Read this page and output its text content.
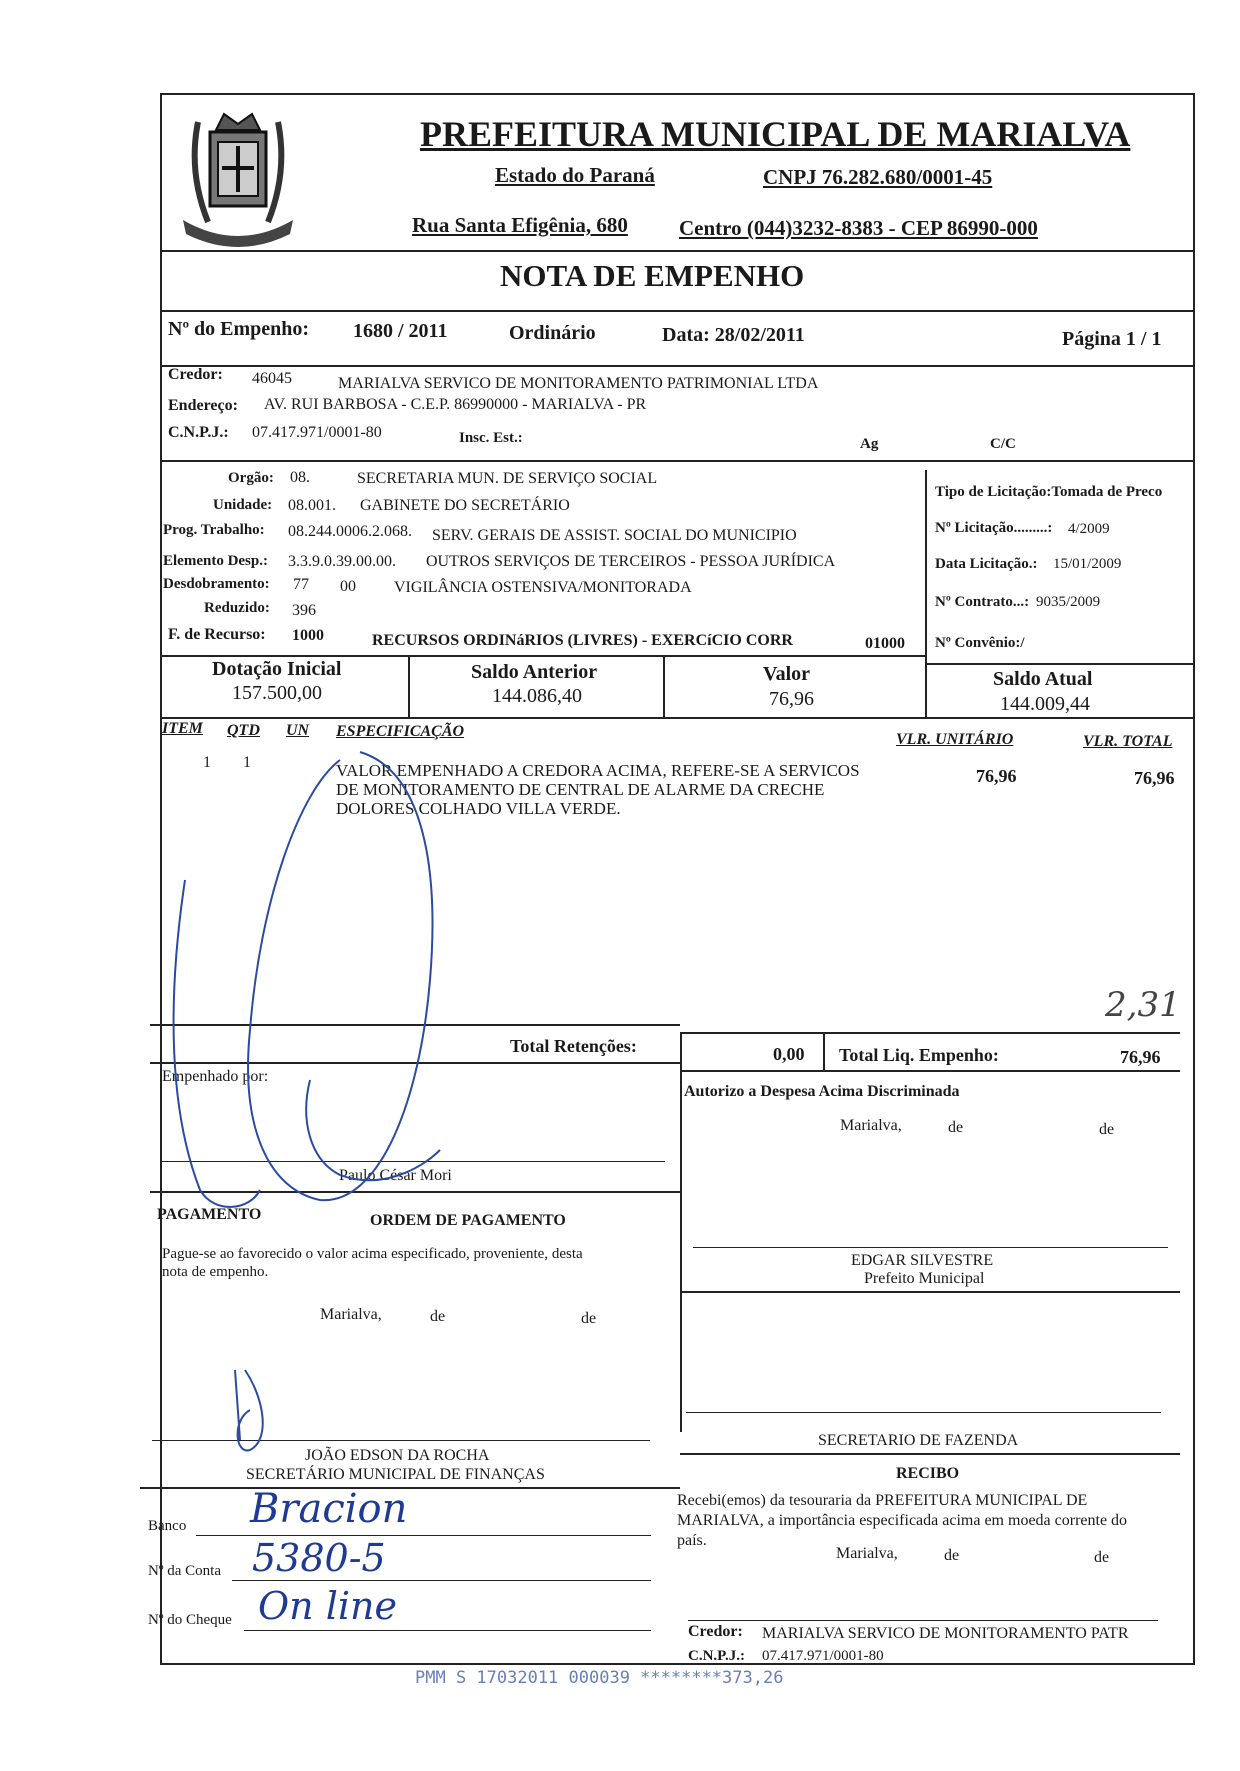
PREFEITURA MUNICIPAL DE MARIALVA
Estado do Paraná	CNPJ 76.282.680/0001-45
Rua Santa Efigênia, 680 Centro (044)3232-8383 - CEP 86990-000
NOTA DE EMPENHO
Nº do Empenho: 1680 / 2011	Ordinário	Data: 28/02/2011	Página 1 / 1
Credor: 46045	MARIALVA SERVICO DE MONITORAMENTO PATRIMONIAL LTDA
Endereço: AV. RUI BARBOSA - C.E.P. 86990000 - MARIALVA - PR
C.N.P.J.: 07.417.971/0001-80	Insc. Est.:	Ag	C/C
Orgão: 08.	SECRETARIA MUN. DE SERVIÇO SOCIAL
Unidade: 08.001. GABINETE DO SECRETÁRIO
Prog. Trabalho: 08.244.0006.2.068. SERV. GERAIS DE ASSIST. SOCIAL DO MUNICIPIO
Elemento Desp.: 3.3.9.0.39.00.00. OUTROS SERVIÇOS DE TERCEIROS - PESSOA JURÍDICA
Desdobramento: 77 00 VIGILÂNCIA OSTENSIVA/MONITORADA
Reduzido: 396
F. de Recurso: 1000	RECURSOS ORDINáRIOS (LIVRES) - EXERCíCIO CORR	01000
Tipo de Licitação:Tomada de Preco
Nº Licitação.........: 4/2009
Data Licitação.: 15/01/2009
Nº Contrato...: 9035/2009
Nº Convênio:/
Dotação Inicial
157.500,00
Saldo Anterior
144.086,40
Valor
76,96
Saldo Atual
144.009,44
ITEM QTD UN ESPECIFICAÇÃO	VLR. UNITÁRIO	VLR. TOTAL
1 1	VALOR EMPENHADO A CREDORA ACIMA, REFERE-SE A SERVICOS
DE MONITORAMENTO DE CENTRAL DE ALARME DA CRECHE
DOLORES COLHADO VILLA VERDE.
76,96	76,96
2,31
Total Retenções:	0,00 Total Liq. Empenho:	76,96
Empenhado por:
Paulo César Mori
Autorizo a Despesa Acima Discriminada
Marialva,	de	de
PAGAMENTO	ORDEM DE PAGAMENTO
Pague-se ao favorecido o valor acima especificado, proveniente, desta
nota de empenho.
Marialva,	de	de
EDGAR SILVESTRE
Prefeito Municipal
SECRETARIO DE FAZENDA
RECIBO
Recebi(emos) da tesouraria da PREFEITURA MUNICIPAL DE
MARIALVA, a importância especificada acima em moeda corrente do
país.
Marialva,	de	de
JOÃO EDSON DA ROCHA
SECRETÁRIO MUNICIPAL DE FINANÇAS
Banco Bracion
Nº da Conta 5380-5
Nº do Cheque On line
Credor: MARIALVA SERVICO DE MONITORAMENTO PATR
C.N.P.J.: 07.417.971/0001-80
PMM S 17032011 000039 ********373,26
